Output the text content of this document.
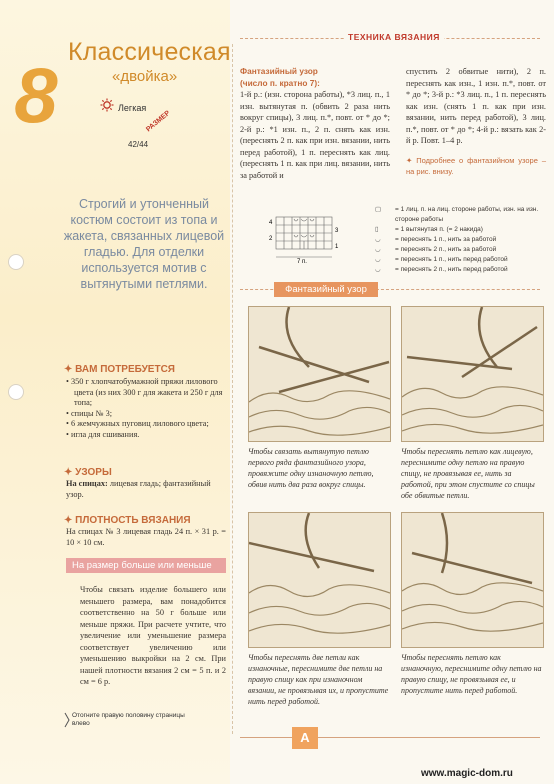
8 Классическая
«двойка»
Легкая
РАЗМЕР
42/44
Строгий и утонченный костюм состоит из топа и жакета, связанных лицевой гладью. Для отделки используется мотив с вытянутыми петлями.
✦ ВАМ ПОТРЕБУЕТСЯ
• 350 г хлопчатобумажной пряжи лилового цвета (из них 300 г для жакета и 250 г для топа;
• спицы № 3;
• 6 жемчужных пуговиц лилового цвета;
• игла для сшивания.
✦ УЗОРЫ
На спицах: лицевая гладь; фантазийный узор.
✦ ПЛОТНОСТЬ ВЯЗАНИЯ
На спицах № 3 лицевая гладь 24 п. × 31 р. = 10 × 10 см.
На размер больше или меньше
Чтобы связать изделие большего или меньшего размера, вам понадобится соответственно на 50 г больше или меньше пряжи. При расчете учтите, что увеличение или уменьшение размера соответствует увеличению или уменьшению выкройки на 2 см. При нашей плотности вязания 2 см = 5 п. и 2 см = 6 р.
Отогните правую половину страницы влево
ТЕХНИКА ВЯЗАНИЯ
Фантазийный узор
(число п. кратно 7):
1-й р.: (изн. сторона работы), *3 лиц. п., 1 изн. вытянутая п. (обвить 2 раза нить вокруг спицы), 3 лиц. п.*, повт. от * до *; 2-й р.: *1 изн. п., 2 п. снять как изн. (переснять 2 п. как при изн. вязании, нить перед работой), 1 п. переснять как лиц. (переснять 1 п. как при лиц. вязании, нить за работой и
спустить 2 обвитые нити), 2 п. переснять как изн., 1 изн. п.*, повт. от * до *; 3-й р.: *3 лиц. п., 1 п. переснять как изн. (снять 1 п. как при изн. вязании, нить перед работой), 3 лиц. п.*, повт. от * до *; 4-й р.: вязать как 2-й р. Повт. 1–4 р.
✦ Подробнее о фантазийном узоре – на рис. внизу.
4
2
3
1
7 п.
▢ = 1 лиц. п. на лиц. стороне работы, изн. на изн. стороне работы
▯	= 1 вытянутая п. (= 2 накида)
◡ = переснять 1 п., нить за работой
◡ = переснять 2 п., нить за работой
◡ = переснять 1 п., нить перед работой
◡ = переснять 2 п., нить перед работой
Фантазийный узор
Чтобы связать вытянутую петлю первого ряда фантазийного узора, провяжите одну изнаночную петлю, обвив нить два раза вокруг спицы.
Чтобы переснять петлю как лицевую, переснимите одну петлю на правую спицу, не провязывая ее, нить за работой, при этом спустите со спицы обе обвитые петли.
Чтобы переснять две петли как изнаночные, переснимите две петли на правую спицу как при изнаночном вязании, не провязывая их, и пропустите нить перед работой.
Чтобы переснять петлю как изнаночную, переснимите одну петлю на правую спицу, не провязывая ее, и пропустите нить перед работой.
A
www.magic-dom.ru
